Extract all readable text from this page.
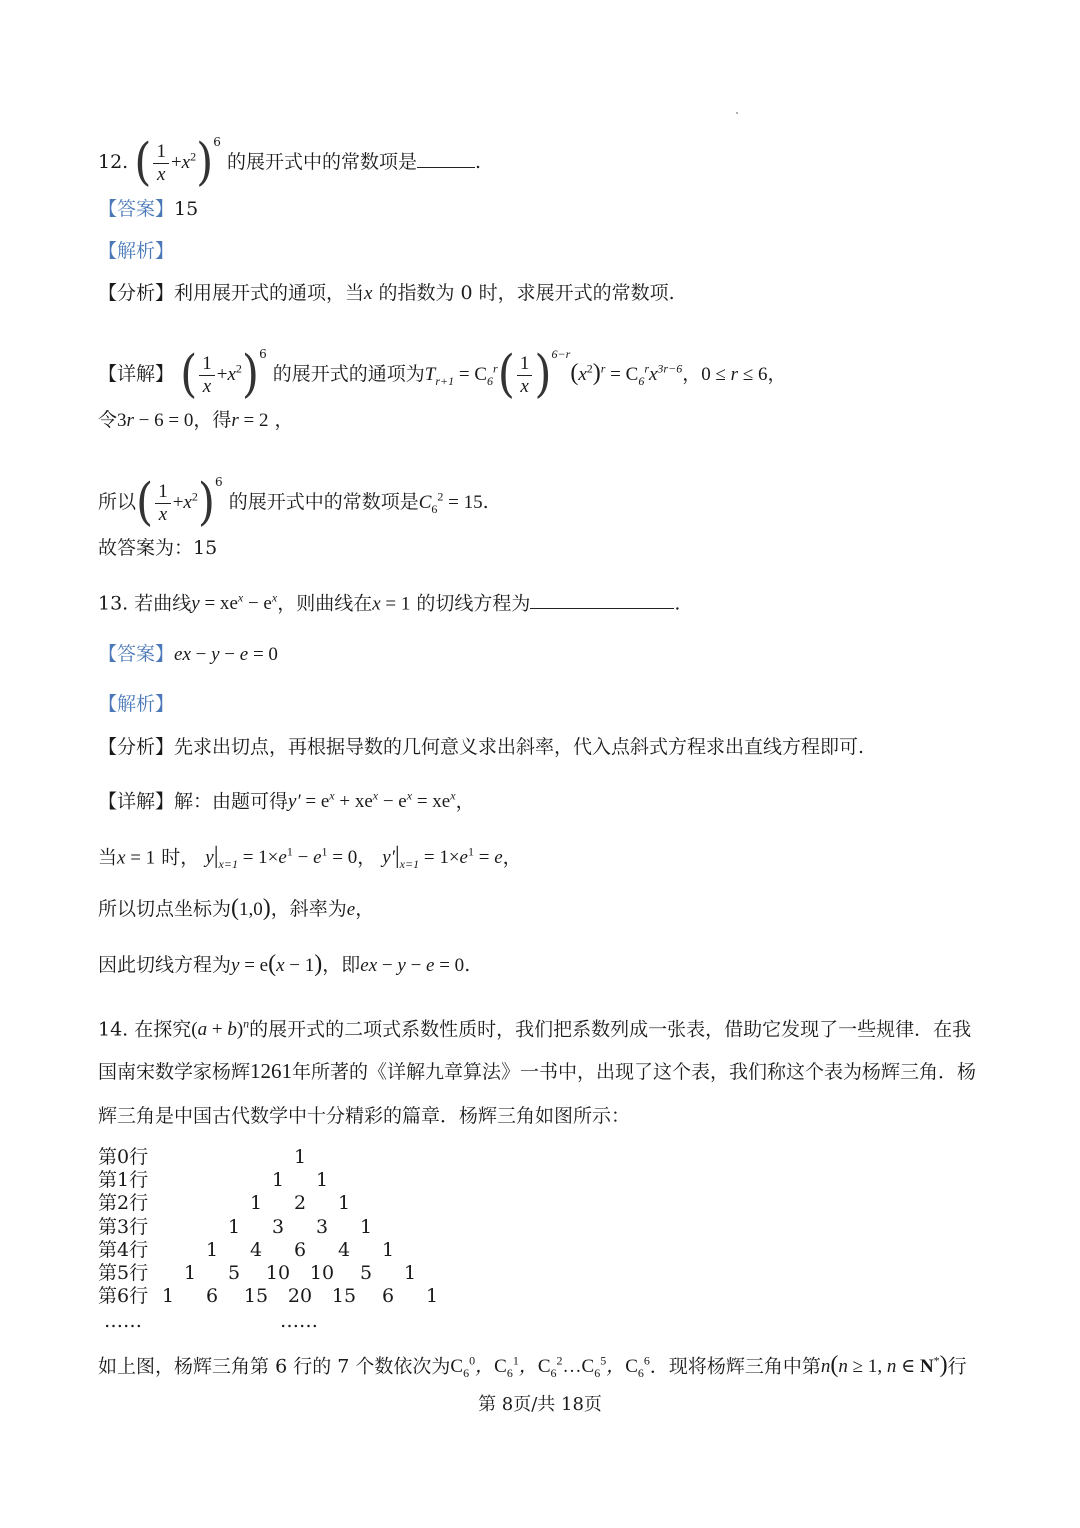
12. ( $\frac{1}{x} +x^2)^6$ 的展开式中的常数项是	.
【答案】15
【解析】
【分析】利用展开式的通项，当x 的指数为 0 时，求展开式的常数项.
【详解】 ( $\frac{1}{x} +x^2)^6$ 的展开式的通项为$T_{r+1} = C_6^r( \frac{1}{x} )^{6-r}(x^2)^r = C_6^rx^{3r-6}$，0 ≤ r ≤ 6，
令3r − 6 = 0，得r = 2 ，
所以( $\frac{1}{x} +x^2)^6$ 的展开式中的常数项是$C_6^2 = 15$.
故答案为：15
13. 若曲线$y = xe^x - e^x$，则曲线在x = 1 的切线方程为	.
【答案】ex − y − e = 0
【解析】
【分析】先求出切点，再根据导数的几何意义求出斜率，代入点斜式方程求出直线方程即可.
【详解】解：由题可得$y' = e^x + xe^x - e^x = xe^x$，
当x = 1 时， $y|_{x=1} = 1\times e^1 - e^1 = 0$， $y'|_{x=1} = 1\times e^1 = e$，
所以切点坐标为(1,0)，斜率为e，
因此切线方程为y = e(x − 1)，即ex − y − e = 0.
14. 在探究$(a + b)^n$的展开式的二项式系数性质时，我们把系数列成一张表，借助它发现了一些规律．在我
国南宋数学家杨辉1261年所著的《详解九章算法》一书中，出现了这个表，我们称这个表为杨辉三角．杨
辉三角是中国古代数学中十分精彩的篇章．杨辉三角如图所示：
第0行	1
第1行	1 1
第2行	1 2 1
第3行	1 3 3 1
第4行	1 4 6 4 1
第5行 1 5 10 10 5 1
第6行 1 6 15 20 15 6 1
……	……
如上图，杨辉三角第 6 行的 7 个数依次为$C_6^0$，$C_6^1$，$C_6^2\dots C_6^5$，$C_6^6$．现将杨辉三角中第n(n ≥ 1, n ∈ N*)行
第 8页/共 18页
